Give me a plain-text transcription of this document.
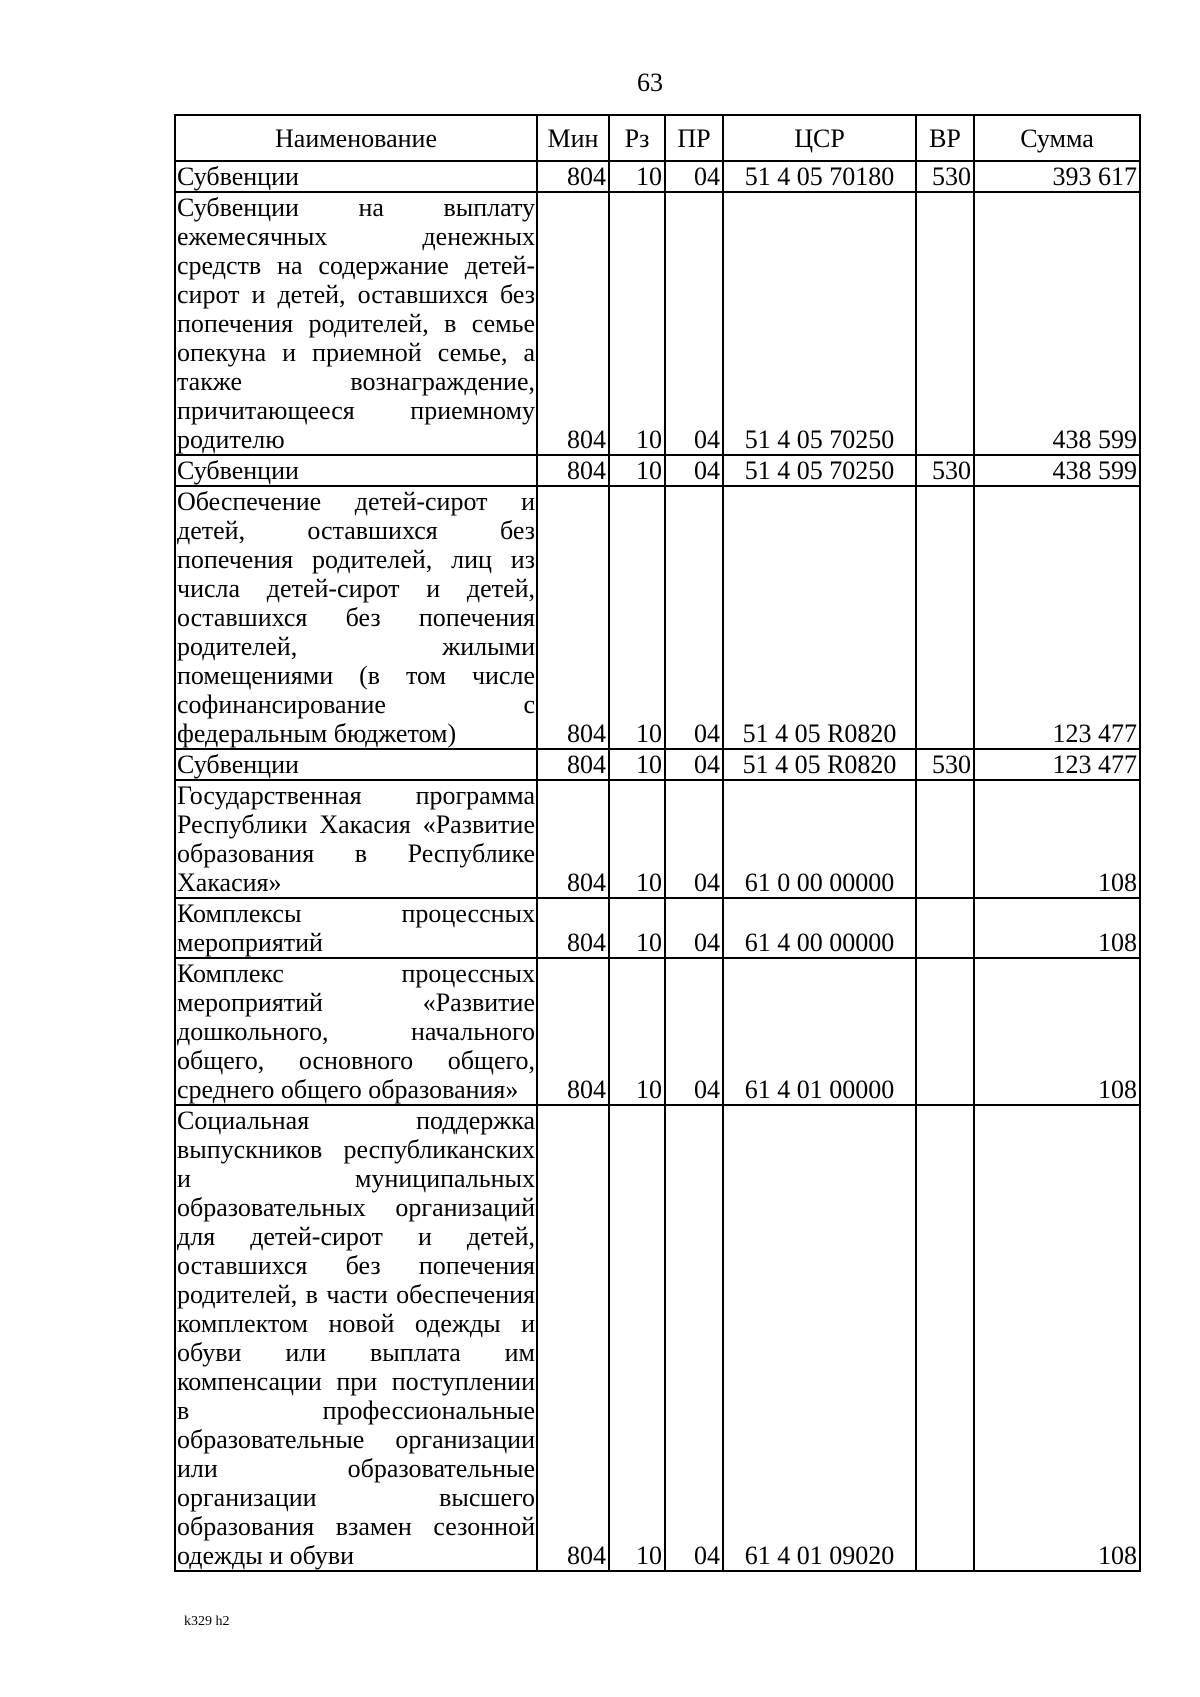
63
Наименование	Мин	Рз	ПР	ЦСР	ВР	Сумма
Субвенции	804	10	04	51 4 05 70180	530	393 617
Субвенции на выплату ежемесячных денежных средств на содержание детей-сирот и детей, оставшихся без попечения родителей, в семье опекуна и приемной семье, а также вознаграждение, причитающееся приемному родителю	804	10	04	51 4 05 70250		438 599
Субвенции	804	10	04	51 4 05 70250	530	438 599
Обеспечение детей-сирот и детей, оставшихся без попечения родителей, лиц из числа детей-сирот и детей, оставшихся без попечения родителей, жилыми помещениями (в том числе софинансирование с федеральным бюджетом)	804	10	04	51 4 05 R0820		123 477
Субвенции	804	10	04	51 4 05 R0820	530	123 477
Государственная программа Республики Хакасия «Развитие образования в Республике Хакасия»	804	10	04	61 0 00 00000		108
Комплексы процессных мероприятий	804	10	04	61 4 00 00000		108
Комплекс процессных мероприятий «Развитие дошкольного, начального общего, основного общего, среднего общего образования»	804	10	04	61 4 01 00000		108
Социальная поддержка выпускников республиканских и муниципальных образовательных организаций для детей-сирот и детей, оставшихся без попечения родителей, в части обеспечения комплектом новой одежды и обуви или выплата им компенсации при поступлении в профессиональные образовательные организации или образовательные организации высшего образования взамен сезонной одежды и обуви	804	10	04	61 4 01 09020		108
k329 h2
